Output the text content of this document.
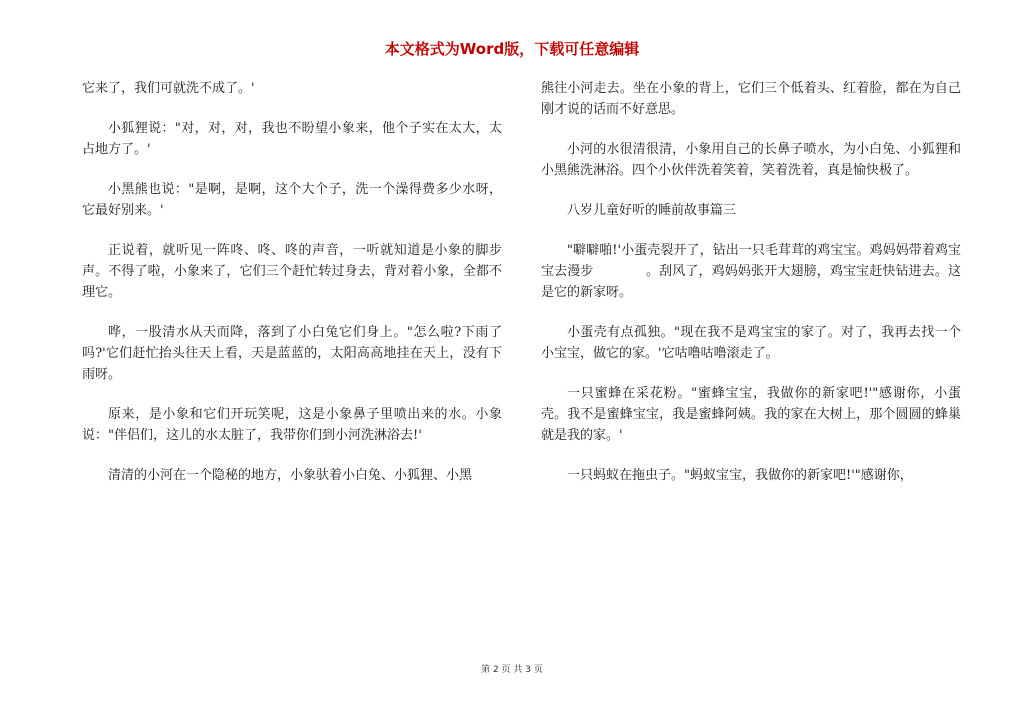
本文格式为Word版，下载可任意编辑

它来了，我们可就洗不成了。'

小狐狸说："对，对，对，我也不盼望小象来，他个子实在太大，太占地方了。'

小黑熊也说："是啊，是啊，这个大个子，洗一个澡得费多少水呀，它最好别来。'

正说着，就听见一阵咚、咚、咚的声音，一听就知道是小象的脚步声。不得了啦，小象来了，它们三个赶忙转过身去，背对着小象，全都不理它。

哗，一股清水从天而降，落到了小白兔它们身上。"怎么啦?下雨了吗?'它们赶忙抬头往天上看，天是蓝蓝的，太阳高高地挂在天上，没有下雨呀。

原来，是小象和它们开玩笑呢，这是小象鼻子里喷出来的水。小象说："伴侣们，这儿的水太脏了，我带你们到小河洗淋浴去!'

清清的小河在一个隐秘的地方，小象驮着小白兔、小狐狸、小黑

熊往小河走去。坐在小象的背上，它们三个低着头、红着脸，都在为自己刚才说的话而不好意思。

小河的水很清很清，小象用自己的长鼻子喷水，为小白兔、小狐狸和小黑熊洗淋浴。四个小伙伴洗着笑着，笑着洗着，真是愉快极了。

八岁儿童好听的睡前故事篇三

"噼噼啪!'小蛋壳裂开了，钻出一只毛茸茸的鸡宝宝。鸡妈妈带着鸡宝宝去漫步　　　　。刮风了，鸡妈妈张开大翅膀，鸡宝宝赶快钻进去。这是它的新家呀。

小蛋壳有点孤独。"现在我不是鸡宝宝的家了。对了，我再去找一个小宝宝，做它的家。'它咕噜咕噜滚走了。

一只蜜蜂在采花粉。"蜜蜂宝宝，我做你的新家吧!'"感谢你，小蛋壳。我不是蜜蜂宝宝，我是蜜蜂阿姨。我的家在大树上，那个圆圆的蜂巢就是我的家。'

一只蚂蚁在拖虫子。"蚂蚁宝宝，我做你的新家吧!'"感谢你，

第 2 页 共 3 页
